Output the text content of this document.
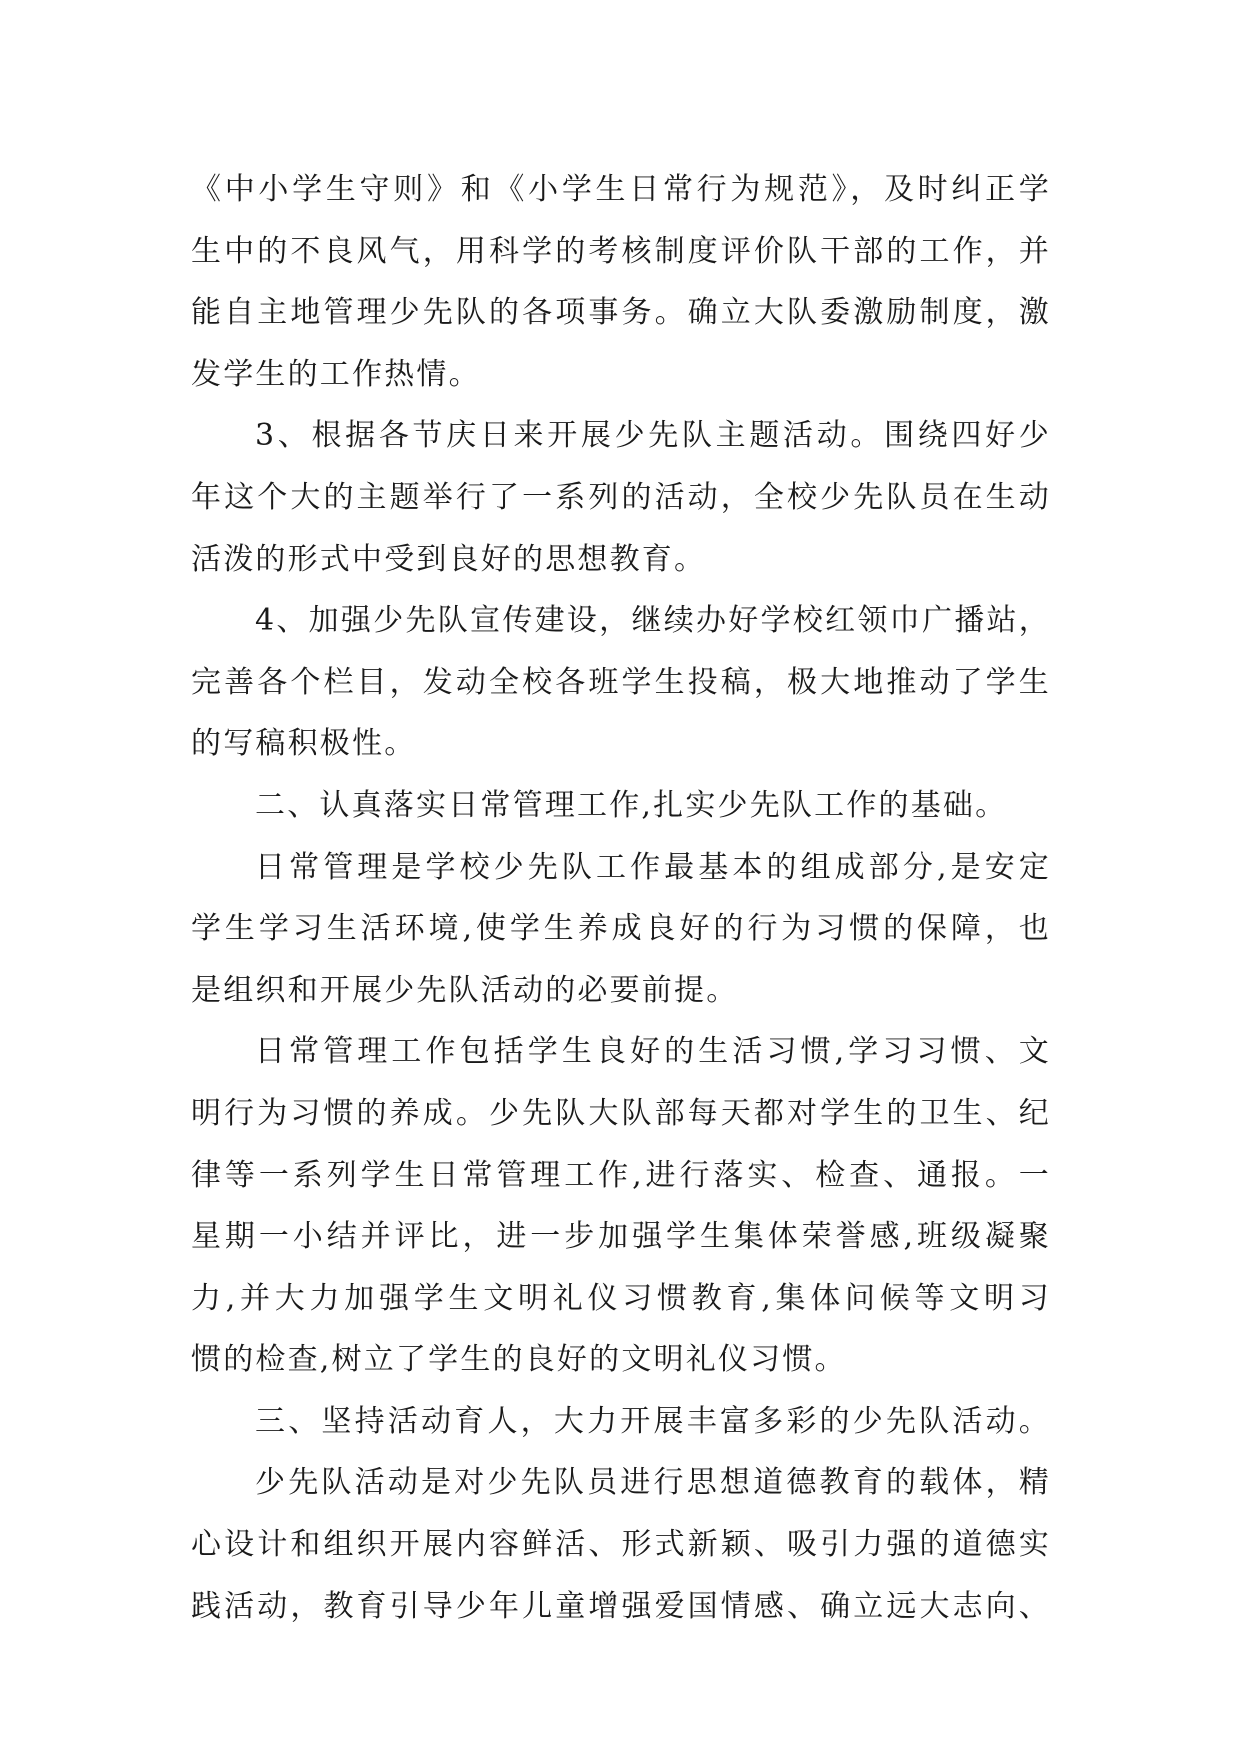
《中小学生守则》和《小学生日常行为规范》，及时纠正学
生中的不良风气，用科学的考核制度评价队干部的工作，并
能自主地管理少先队的各项事务。确立大队委激励制度，激
发学生的工作热情。
3、根据各节庆日来开展少先队主题活动。围绕四好少
年这个大的主题举行了一系列的活动，全校少先队员在生动
活泼的形式中受到良好的思想教育。
4、加强少先队宣传建设，继续办好学校红领巾广播站，
完善各个栏目，发动全校各班学生投稿，极大地推动了学生
的写稿积极性。
二、认真落实日常管理工作,扎实少先队工作的基础。
日常管理是学校少先队工作最基本的组成部分,是安定
学生学习生活环境,使学生养成良好的行为习惯的保障，也
是组织和开展少先队活动的必要前提。
日常管理工作包括学生良好的生活习惯,学习习惯、文
明行为习惯的养成。少先队大队部每天都对学生的卫生、纪
律等一系列学生日常管理工作,进行落实、检查、通报。一
星期一小结并评比，进一步加强学生集体荣誉感,班级凝聚
力,并大力加强学生文明礼仪习惯教育,集体问候等文明习
惯的检查,树立了学生的良好的文明礼仪习惯。
三、坚持活动育人，大力开展丰富多彩的少先队活动。
少先队活动是对少先队员进行思想道德教育的载体，精
心设计和组织开展内容鲜活、形式新颖、吸引力强的道德实
践活动，教育引导少年儿童增强爱国情感、确立远大志向、
